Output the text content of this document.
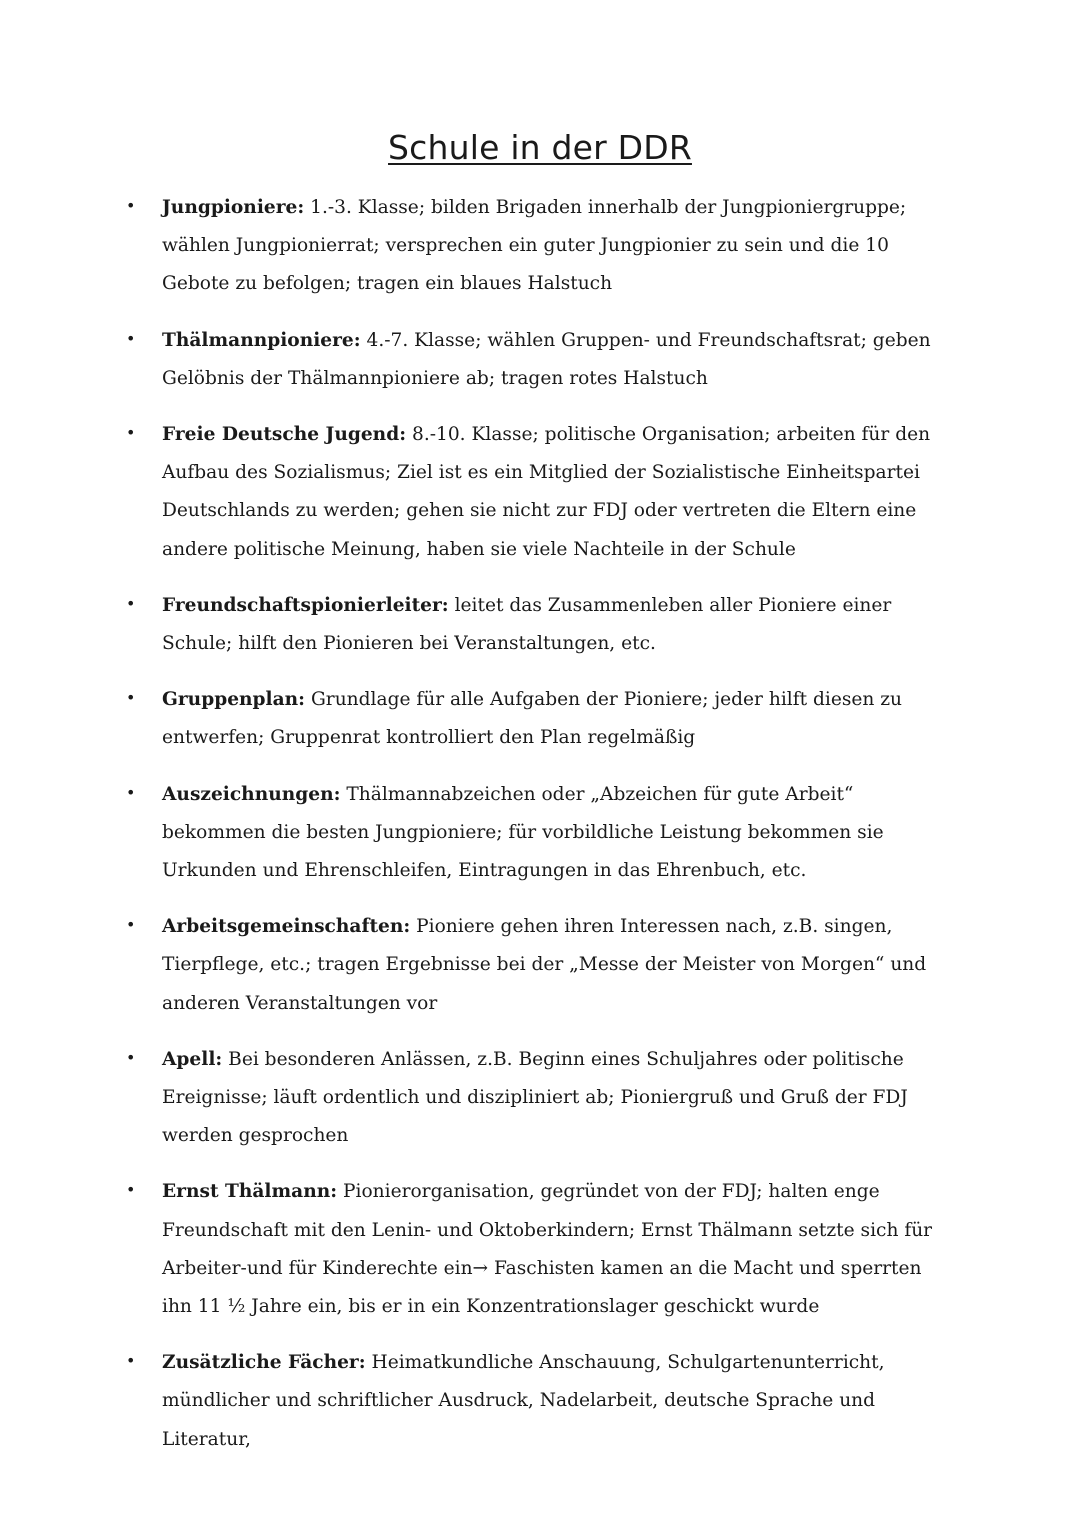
Schule in der DDR
• Jungpioniere: 1.-3. Klasse; bilden Brigaden innerhalb der Jungpioniergruppe; wählen Jungpionierrat; versprechen ein guter Jungpionier zu sein und die 10 Gebote zu befolgen; tragen ein blaues Halstuch
• Thälmannpioniere: 4.-7. Klasse; wählen Gruppen- und Freundschaftsrat; geben Gelöbnis der Thälmannpioniere ab; tragen rotes Halstuch
• Freie Deutsche Jugend: 8.-10. Klasse; politische Organisation; arbeiten für den Aufbau des Sozialismus; Ziel ist es ein Mitglied der Sozialistische Einheitspartei Deutschlands zu werden; gehen sie nicht zur FDJ oder vertreten die Eltern eine andere politische Meinung, haben sie viele Nachteile in der Schule
• Freundschaftspionierleiter: leitet das Zusammenleben aller Pioniere einer Schule; hilft den Pionieren bei Veranstaltungen, etc.
• Gruppenplan: Grundlage für alle Aufgaben der Pioniere; jeder hilft diesen zu entwerfen; Gruppenrat kontrolliert den Plan regelmäßig
• Auszeichnungen: Thälmannabzeichen oder „Abzeichen für gute Arbeit“ bekommen die besten Jungpioniere; für vorbildliche Leistung bekommen sie Urkunden und Ehrenschleifen, Eintragungen in das Ehrenbuch, etc.
• Arbeitsgemeinschaften: Pioniere gehen ihren Interessen nach, z.B. singen, Tierpflege, etc.; tragen Ergebnisse bei der „Messe der Meister von Morgen“ und anderen Veranstaltungen vor
• Apell: Bei besonderen Anlässen, z.B. Beginn eines Schuljahres oder politische Ereignisse; läuft ordentlich und diszipliniert ab; Pioniergruß und Gruß der FDJ werden gesprochen
• Ernst Thälmann: Pionierorganisation, gegründet von der FDJ; halten enge Freundschaft mit den Lenin- und Oktoberkindern; Ernst Thälmann setzte sich für Arbeiter-und für Kinderechte ein→ Faschisten kamen an die Macht und sperrten ihn 11 ½ Jahre ein, bis er in ein Konzentrationslager geschickt wurde
• Zusätzliche Fächer: Heimatkundliche Anschauung, Schulgartenunterricht, mündlicher und schriftlicher Ausdruck, Nadelarbeit, deutsche Sprache und Literatur,
